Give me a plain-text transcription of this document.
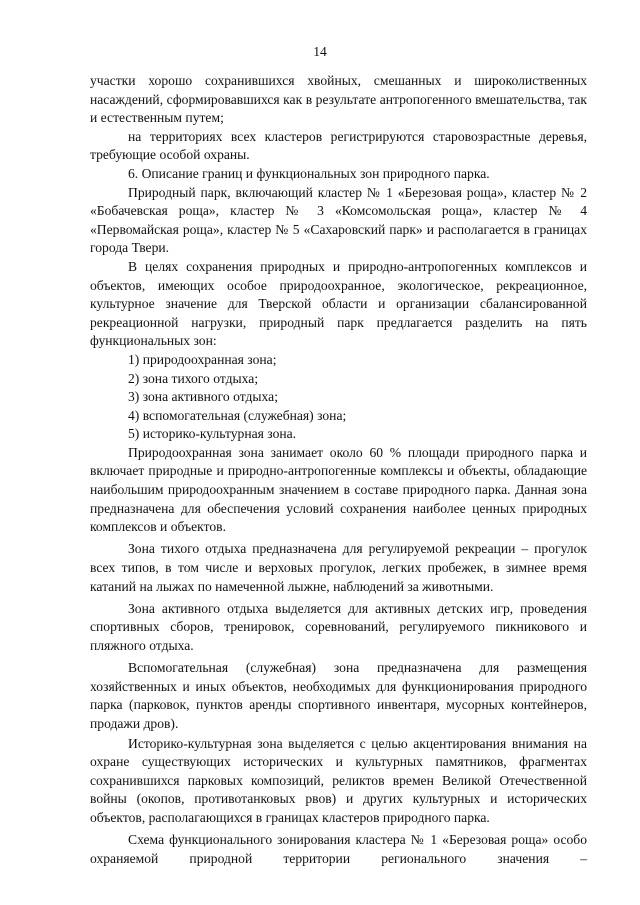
14

участки хорошо сохранившихся хвойных, смешанных и широколиственных насаждений, сформировавшихся как в результате антропогенного вмешательства, так и естественным путем;

на территориях всех кластеров регистрируются старовозрастные деревья, требующие особой охраны.

6. Описание границ и функциональных зон природного парка.

Природный парк, включающий кластер № 1 «Березовая роща», кластер № 2 «Бобачевская роща», кластер № 3 «Комсомольская роща», кластер № 4 «Первомайская роща», кластер № 5 «Сахаровский парк» и располагается в границах города Твери.

В целях сохранения природных и природно-антропогенных комплексов и объектов, имеющих особое природоохранное, экологическое, рекреационное, культурное значение для Тверской области и организации сбалансированной рекреационной нагрузки, природный парк предлагается разделить на пять функциональных зон:

1) природоохранная зона;

2) зона тихого отдыха;

3) зона активного отдыха;

4) вспомогательная (служебная) зона;

5) историко-культурная зона.

Природоохранная зона занимает около 60 % площади природного парка и включает природные и природно-антропогенные комплексы и объекты, обладающие наибольшим природоохранным значением в составе природного парка. Данная зона предназначена для обеспечения условий сохранения наиболее ценных природных комплексов и объектов.

Зона тихого отдыха предназначена для регулируемой рекреации – прогулок всех типов, в том числе и верховых прогулок, легких пробежек, в зимнее время катаний на лыжах по намеченной лыжне, наблюдений за животными.

Зона активного отдыха выделяется для активных детских игр, проведения спортивных сборов, тренировок, соревнований, регулируемого пикникового и пляжного отдыха.

Вспомогательная (служебная) зона предназначена для размещения хозяйственных и иных объектов, необходимых для функционирования природного парка (парковок, пунктов аренды спортивного инвентаря, мусорных контейнеров, продажи дров).

Историко-культурная зона выделяется с целью акцентирования внимания на охране существующих исторических и культурных памятников, фрагментах сохранившихся парковых композиций, реликтов времен Великой Отечественной войны (окопов, противотанковых рвов) и других культурных и исторических объектов, располагающихся в границах кластеров природного парка.

Схема функционального зонирования кластера № 1 «Березовая роща» особо охраняемой природной территории регионального значения –
